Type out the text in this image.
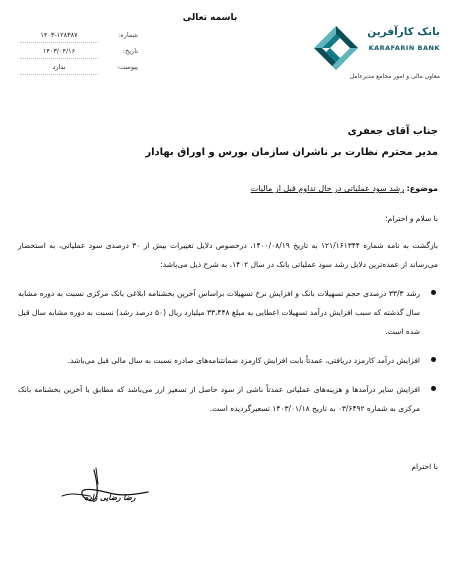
باسمه تعالی
شماره:
۱۴۰۳-۱۲۸۳۸۷
تاریخ:
۱۴۰۳/۰۴/۱۶
پیوست:
ندارد
بانک کارآفرین
KARAFARIN BANK
معاون مالی و امور مجامع مدیرعامل
جناب آقای جعفری
مدیر محترم نظارت بر ناشران سازمان بورس و اوراق بهادار
موضوع: رشد سود عملیاتی در حال تداوم قبل از مالیات
با سلام و احترام؛
بازگشت به نامه شماره ۱۲۱/۱۶۱۳۴۴ به تاریخ ۱۴۰۰/۰۸/۱۹، درخصوص دلایل تغییرات بیش از ۳۰ درصدی سود عملیاتی، به استحضار می‌رساند از عمده‌ترین دلایل رشد سود عملیاتی بانک در سال ۱۴۰۲، به شرح ذیل می‌باشد:
رشد ۳۳/۳ درصدی حجم تسهیلات بانک و افزایش نرخ تسهیلات براساس آخرین بخشنامه ابلاغی بانک مرکزی نسبت به دوره مشابه سال گذشته که سبب افزایش درآمد تسهیلات اعطایی به مبلغ ۳۳،۴۴۸ میلیارد ریال (۵۰ درصد رشد) نسبت به دوره مشابه سال قبل شده است.
افزایش درآمد کارمزد دریافتی، عمدتاً بابت افزایش کارمزد ضمانتنامه‌های صادره نسبت به سال مالی قبل می‌باشد.
افزایش سایر درآمدها و هزینه‌های عملیاتی عمدتاً ناشی از سود حاصل از تسعیر ارز می‌باشد که مطابق با آخرین بخشنامه بانک مرکزی به شماره ۰۳/۶۴۹۲ به تاریخ ۱۴۰۳/۰۱/۱۸ تسعیرگردیده است.
با احترام
رضا رضایی زاده
